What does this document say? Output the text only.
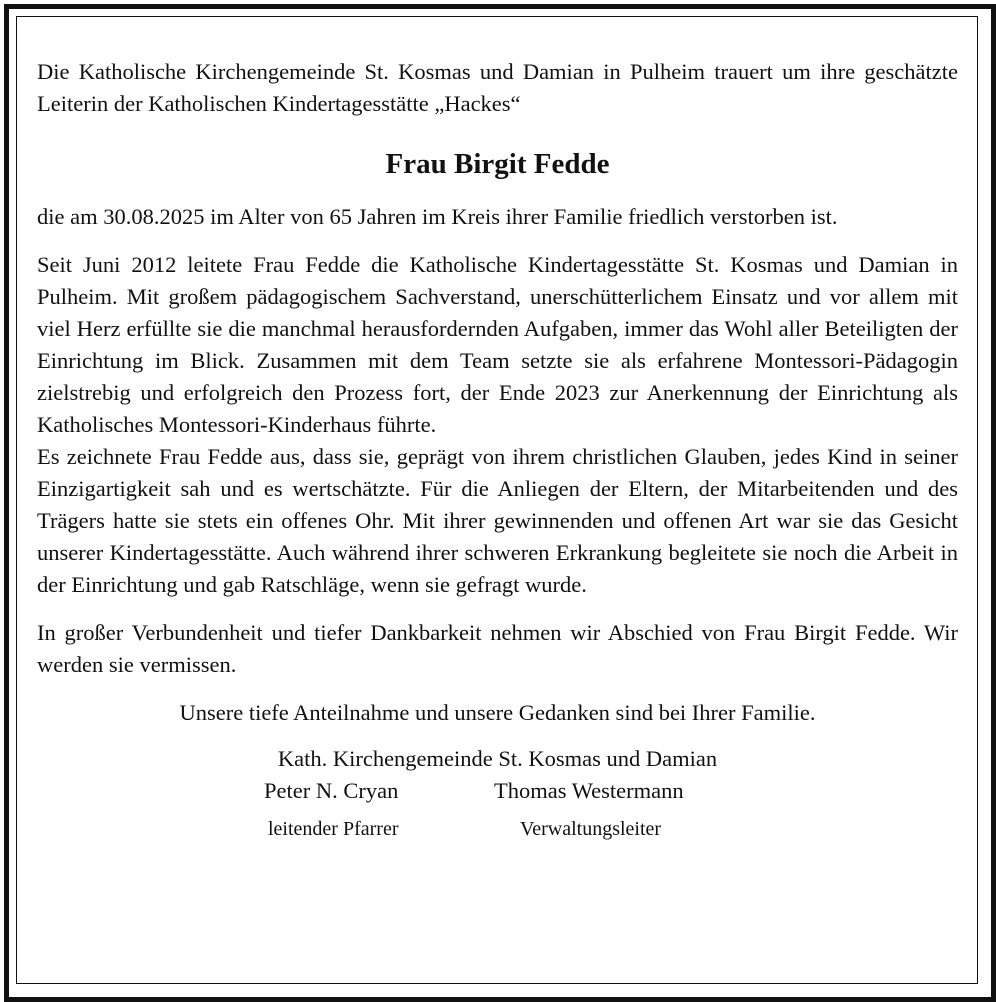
Die Katholische Kirchengemeinde St. Kosmas und Damian in Pulheim trauert um ihre geschätzte Leiterin der Katholischen Kindertagesstätte „Hackes“

Frau Birgit Fedde

die am 30.08.2025 im Alter von 65 Jahren im Kreis ihrer Familie friedlich verstorben ist.

Seit Juni 2012 leitete Frau Fedde die Katholische Kindertagesstätte St. Kosmas und Damian in Pulheim. Mit großem pädagogischem Sachverstand, unerschütterlichem Einsatz und vor allem mit viel Herz erfüllte sie die manchmal herausfordernden Aufgaben, immer das Wohl aller Beteiligten der Einrichtung im Blick. Zusammen mit dem Team setzte sie als erfahrene Montessori-Pädagogin zielstrebig und erfolgreich den Prozess fort, der Ende 2023 zur Anerkennung der Einrichtung als Katholisches Montessori-Kinderhaus führte.

Es zeichnete Frau Fedde aus, dass sie, geprägt von ihrem christlichen Glauben, jedes Kind in seiner Einzigartigkeit sah und es wertschätzte. Für die Anliegen der Eltern, der Mitarbeitenden und des Trägers hatte sie stets ein offenes Ohr. Mit ihrer gewinnenden und offenen Art war sie das Gesicht unserer Kindertagesstätte. Auch während ihrer schweren Erkrankung begleitete sie noch die Arbeit in der Einrichtung und gab Ratschläge, wenn sie gefragt wurde.

In großer Verbundenheit und tiefer Dankbarkeit nehmen wir Abschied von Frau Birgit Fedde. Wir werden sie vermissen.

Unsere tiefe Anteilnahme und unsere Gedanken sind bei Ihrer Familie.

Kath. Kirchengemeinde St. Kosmas und Damian

Peter N. Cryan	Thomas Westermann
leitender Pfarrer	Verwaltungsleiter
